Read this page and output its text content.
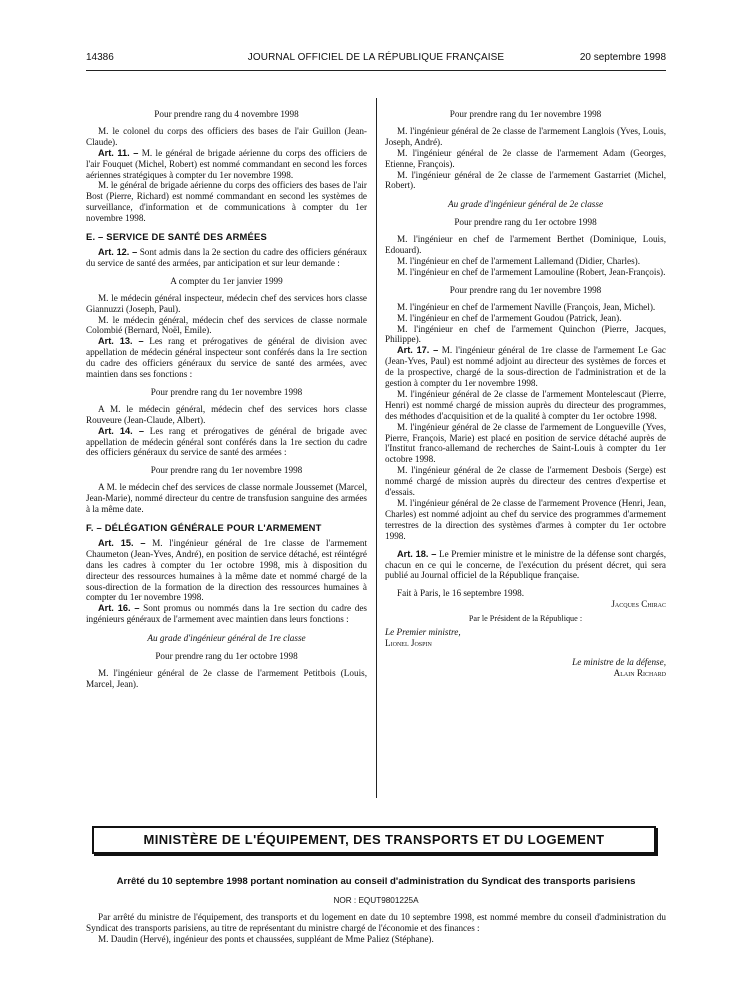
14386	JOURNAL OFFICIEL DE LA RÉPUBLIQUE FRANÇAISE	20 septembre 1998

Pour prendre rang du 4 novembre 1998

M. le colonel du corps des officiers des bases de l'air Guillon (Jean-Claude).

Art. 11. – M. le général de brigade aérienne du corps des officiers de l'air Fouquet (Michel, Robert) est nommé commandant en second les forces aériennes stratégiques à compter du 1er novembre 1998.

M. le général de brigade aérienne du corps des officiers des bases de l'air Bost (Pierre, Richard) est nommé commandant en second les systèmes de surveillance, d'information et de communications à compter du 1er novembre 1998.

E. – SERVICE DE SANTÉ DES ARMÉES

Art. 12. – Sont admis dans la 2e section du cadre des officiers généraux du service de santé des armées, par anticipation et sur leur demande :

A compter du 1er janvier 1999

M. le médecin général inspecteur, médecin chef des services hors classe Giannuzzi (Joseph, Paul).

M. le médecin général, médecin chef des services de classe normale Colombié (Bernard, Noël, Emile).

Art. 13. – Les rang et prérogatives de général de division avec appellation de médecin général inspecteur sont conférés dans la 1re section du cadre des officiers généraux du service de santé des armées, avec maintien dans ses fonctions :

Pour prendre rang du 1er novembre 1998

A M. le médecin général, médecin chef des services hors classe Rouveure (Jean-Claude, Albert).

Art. 14. – Les rang et prérogatives de général de brigade avec appellation de médecin général sont conférés dans la 1re section du cadre des officiers généraux du service de santé des armées :

Pour prendre rang du 1er novembre 1998

A M. le médecin chef des services de classe normale Joussemet (Marcel, Jean-Marie), nommé directeur du centre de transfusion sanguine des armées à la même date.

F. – DÉLÉGATION GÉNÉRALE POUR L'ARMEMENT

Art. 15. – M. l'ingénieur général de 1re classe de l'armement Chaumeton (Jean-Yves, André), en position de service détaché, est réintégré dans les cadres à compter du 1er octobre 1998, mis à disposition du directeur des ressources humaines à la même date et nommé chargé de la sous-direction de la formation de la direction des ressources humaines à compter du 1er novembre 1998.

Art. 16. – Sont promus ou nommés dans la 1re section du cadre des ingénieurs généraux de l'armement avec maintien dans leurs fonctions :

Au grade d'ingénieur général de 1re classe

Pour prendre rang du 1er octobre 1998

M. l'ingénieur général de 2e classe de l'armement Petitbois (Louis, Marcel, Jean).

Pour prendre rang du 1er novembre 1998

M. l'ingénieur général de 2e classe de l'armement Langlois (Yves, Louis, Joseph, André).

M. l'ingénieur général de 2e classe de l'armement Adam (Georges, Etienne, François).

M. l'ingénieur général de 2e classe de l'armement Gastarriet (Michel, Robert).

Au grade d'ingénieur général de 2e classe

Pour prendre rang du 1er octobre 1998

M. l'ingénieur en chef de l'armement Berthet (Dominique, Louis, Edouard).

M. l'ingénieur en chef de l'armement Lallemand (Didier, Charles).

M. l'ingénieur en chef de l'armement Lamouline (Robert, Jean-François).

Pour prendre rang du 1er novembre 1998

M. l'ingénieur en chef de l'armement Naville (François, Jean, Michel).

M. l'ingénieur en chef de l'armement Goudou (Patrick, Jean).

M. l'ingénieur en chef de l'armement Quinchon (Pierre, Jacques, Philippe).

Art. 17. – M. l'ingénieur général de 1re classe de l'armement Le Gac (Jean-Yves, Paul) est nommé adjoint au directeur des systèmes de forces et de la prospective, chargé de la sous-direction de l'administration et de la gestion à compter du 1er novembre 1998.

M. l'ingénieur général de 2e classe de l'armement Montelescaut (Pierre, Henri) est nommé chargé de mission auprès du directeur des programmes, des méthodes d'acquisition et de la qualité à compter du 1er octobre 1998.

M. l'ingénieur général de 2e classe de l'armement de Longueville (Yves, Pierre, François, Marie) est placé en position de service détaché auprès de l'Institut franco-allemand de recherches de Saint-Louis à compter du 1er octobre 1998.

M. l'ingénieur général de 2e classe de l'armement Desbois (Serge) est nommé chargé de mission auprès du directeur des centres d'expertise et d'essais.

M. l'ingénieur général de 2e classe de l'armement Provence (Henri, Jean, Charles) est nommé adjoint au chef du service des programmes d'armement terrestres de la direction des systèmes d'armes à compter du 1er octobre 1998.

Art. 18. – Le Premier ministre et le ministre de la défense sont chargés, chacun en ce qui le concerne, de l'exécution du présent décret, qui sera publié au Journal officiel de la République française.

Fait à Paris, le 16 septembre 1998.

Jacques Chirac

Par le Président de la République :

Le Premier ministre,

Lionel Jospin

Le ministre de la défense,

Alain Richard

MINISTÈRE DE L'ÉQUIPEMENT, DES TRANSPORTS ET DU LOGEMENT
Arrêté du 10 septembre 1998 portant nomination au conseil d'administration du Syndicat des transports parisiens
NOR : EQUT9801225A

Par arrêté du ministre de l'équipement, des transports et du logement en date du 10 septembre 1998, est nommé membre du conseil d'administration du Syndicat des transports parisiens, au titre de représentant du ministre chargé de l'économie et des finances :

M. Daudin (Hervé), ingénieur des ponts et chaussées, suppléant de Mme Paliez (Stéphane).
